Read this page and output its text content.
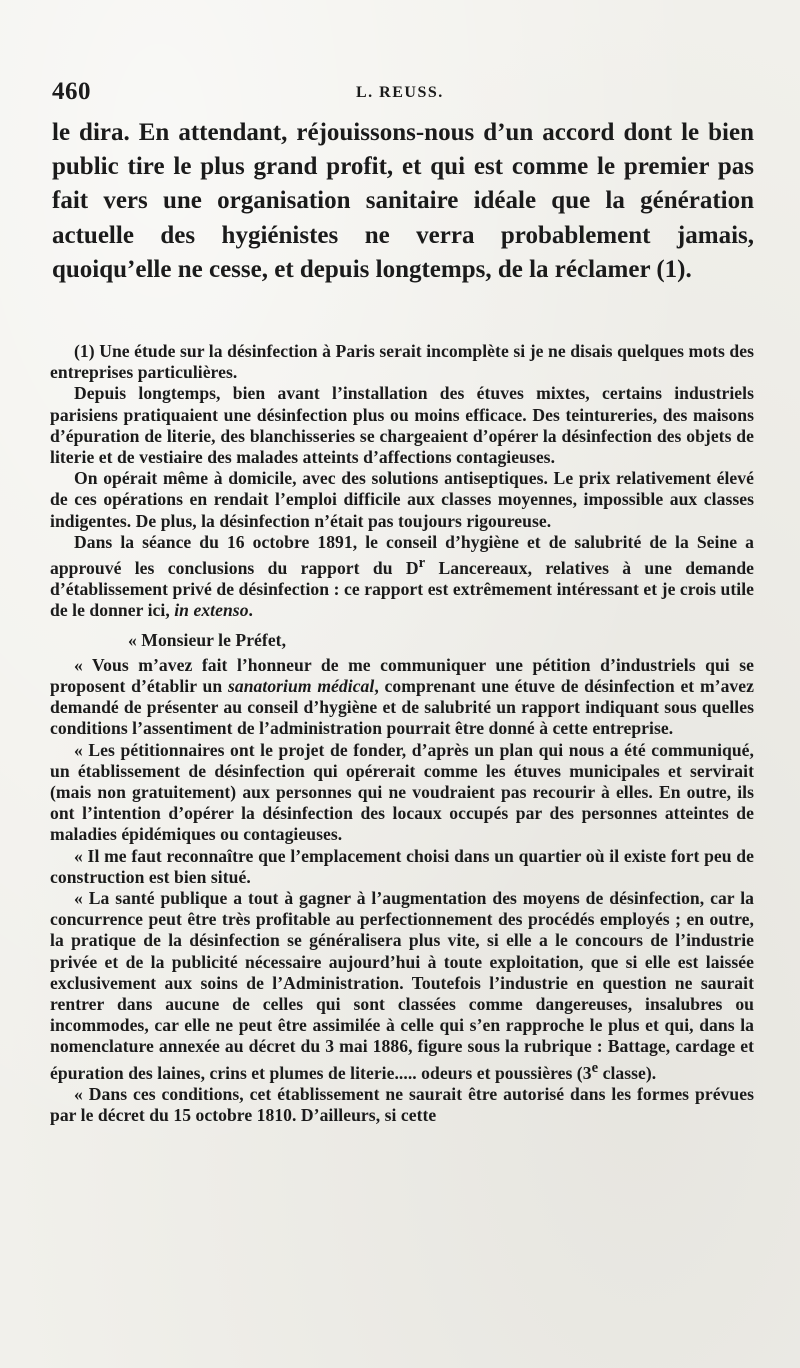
460	L. REUSS.

le dira. En attendant, réjouissons-nous d’un accord dont le bien public tire le plus grand profit, et qui est comme le premier pas fait vers une organisation sanitaire idéale que la génération actuelle des hygiénistes ne verra probablement jamais, quoiqu’elle ne cesse, et depuis longtemps, de la réclamer (1).

(1) Une étude sur la désinfection à Paris serait incomplète si je ne disais quelques mots des entreprises particulières.

Depuis longtemps, bien avant l’installation des étuves mixtes, certains industriels parisiens pratiquaient une désinfection plus ou moins efficace. Des teintureries, des maisons d’épuration de literie, des blanchisseries se chargeaient d’opérer la désinfection des objets de literie et de vestiaire des malades atteints d’affections contagieuses.

On opérait même à domicile, avec des solutions antiseptiques. Le prix relativement élevé de ces opérations en rendait l’emploi difficile aux classes moyennes, impossible aux classes indigentes. De plus, la désinfection n’était pas toujours rigoureuse.

Dans la séance du 16 octobre 1891, le conseil d’hygiène et de salubrité de la Seine a approuvé les conclusions du rapport du $D^r$ Lancereaux, relatives à une demande d’établissement privé de désinfection : ce rapport est extrêmement intéressant et je crois utile de le donner ici, in extenso.

« Monsieur le Préfet,

« Vous m’avez fait l’honneur de me communiquer une pétition d’industriels qui se proposent d’établir un sanatorium médical, comprenant une étuve de désinfection et m’avez demandé de présenter au conseil d’hygiène et de salubrité un rapport indiquant sous quelles conditions l’assentiment de l’administration pourrait être donné à cette entreprise.

« Les pétitionnaires ont le projet de fonder, d’après un plan qui nous a été communiqué, un établissement de désinfection qui opérerait comme les étuves municipales et servirait (mais non gratuitement) aux personnes qui ne voudraient pas recourir à elles. En outre, ils ont l’intention d’opérer la désinfection des locaux occupés par des personnes atteintes de maladies épidémiques ou contagieuses.

« Il me faut reconnaître que l’emplacement choisi dans un quartier où il existe fort peu de construction est bien situé.

« La santé publique a tout à gagner à l’augmentation des moyens de désinfection, car la concurrence peut être très profitable au perfectionnement des procédés employés ; en outre, la pratique de la désinfection se généralisera plus vite, si elle a le concours de l’industrie privée et de la publicité nécessaire aujourd’hui à toute exploitation, que si elle est laissée exclusivement aux soins de l’Administration. Toutefois l’industrie en question ne saurait rentrer dans aucune de celles qui sont classées comme dangereuses, insalubres ou incommodes, car elle ne peut être assimilée à celle qui s’en rapproche le plus et qui, dans la nomenclature annexée au décret du 3 mai 1886, figure sous la rubrique : Battage, cardage et épuration des laines, crins et plumes de literie..... odeurs et poussières (3e classe).

« Dans ces conditions, cet établissement ne saurait être autorisé dans les formes prévues par le décret du 15 octobre 1810. D’ailleurs, si cette
